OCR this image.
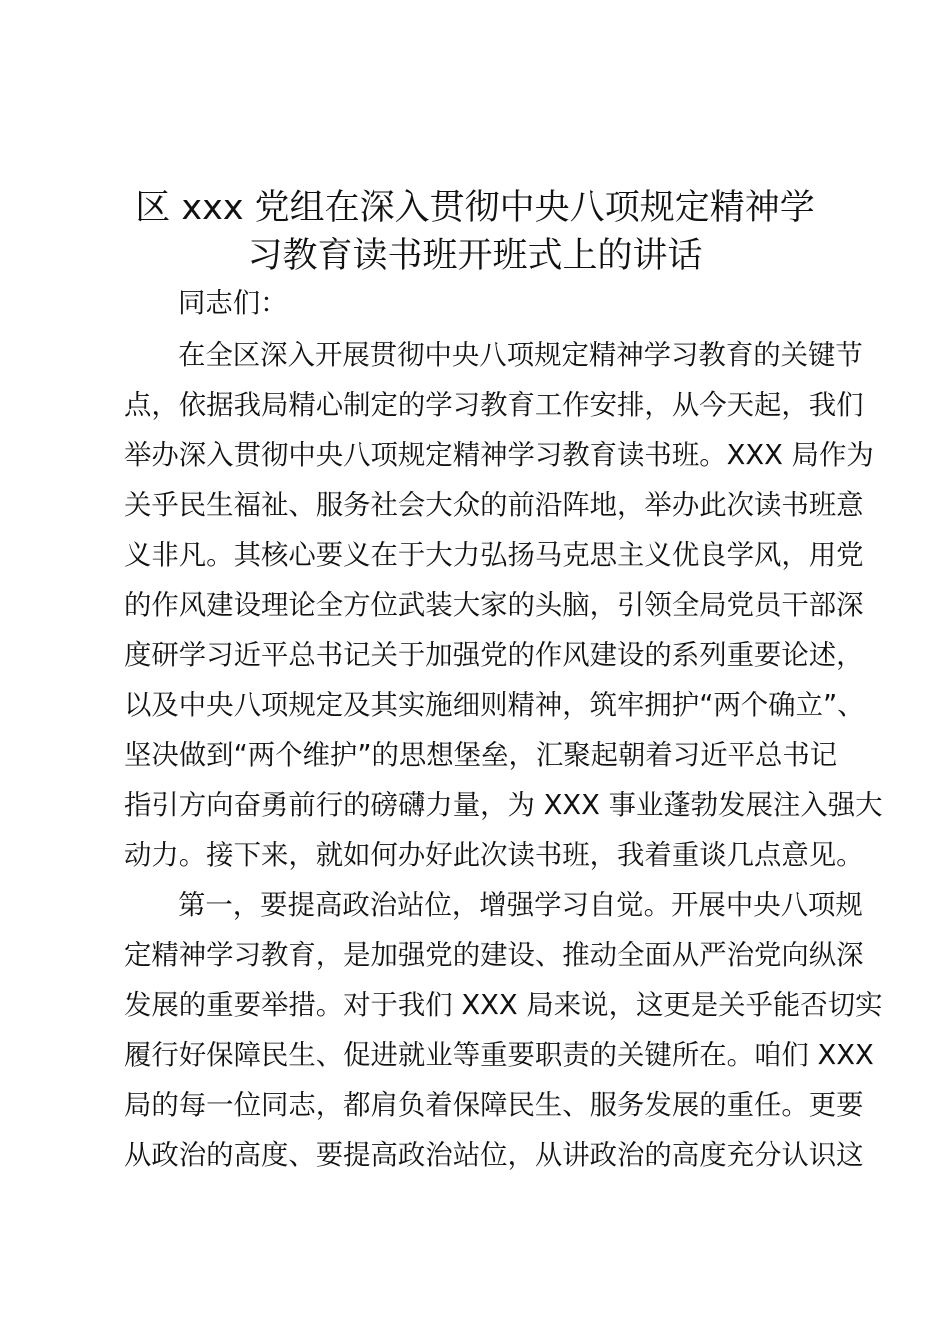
区 xxx 党组在深入贯彻中央八项规定精神学
习教育读书班开班式上的讲话
同志们：
在全区深入开展贯彻中央八项规定精神学习教育的关键节
点，依据我局精心制定的学习教育工作安排，从今天起，我们
举办深入贯彻中央八项规定精神学习教育读书班。XXX 局作为
关乎民生福祉、服务社会大众的前沿阵地，举办此次读书班意
义非凡。其核心要义在于大力弘扬马克思主义优良学风，用党
的作风建设理论全方位武装大家的头脑，引领全局党员干部深
度研学习近平总书记关于加强党的作风建设的系列重要论述，
以及中央八项规定及其实施细则精神，筑牢拥护“两个确立”、
坚决做到“两个维护”的思想堡垒，汇聚起朝着习近平总书记
指引方向奋勇前行的磅礴力量，为 XXX 事业蓬勃发展注入强大
动力。接下来，就如何办好此次读书班，我着重谈几点意见。
第一，要提高政治站位，增强学习自觉。开展中央八项规
定精神学习教育，是加强党的建设、推动全面从严治党向纵深
发展的重要举措。对于我们 XXX 局来说，这更是关乎能否切实
履行好保障民生、促进就业等重要职责的关键所在。咱们 XXX
局的每一位同志，都肩负着保障民生、服务发展的重任。更要
从政治的高度、要提高政治站位，从讲政治的高度充分认识这
